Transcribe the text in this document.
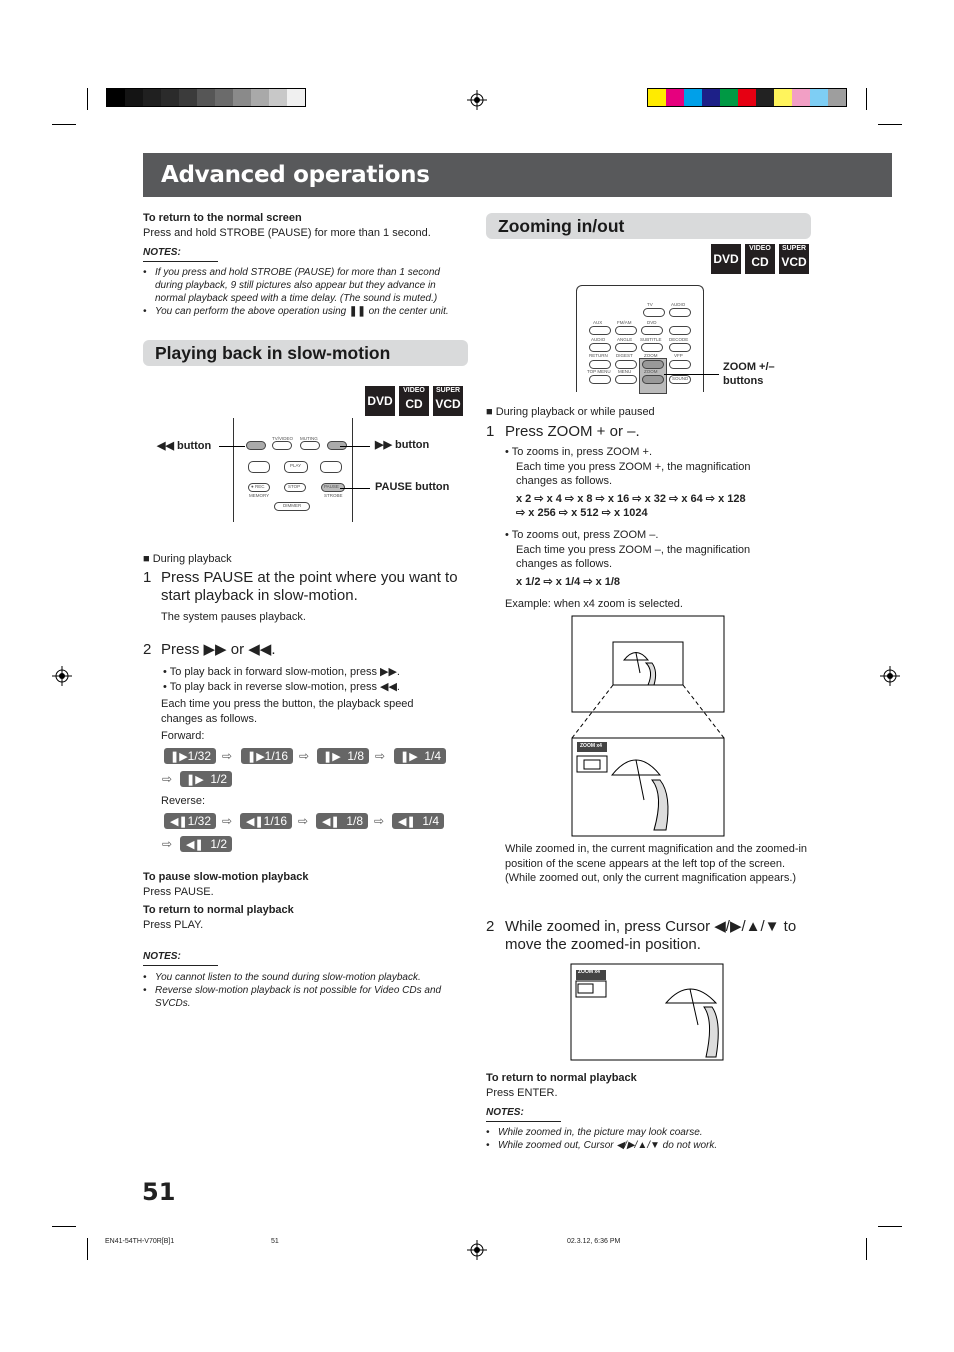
Advanced operations
To return to the normal screen
Press and hold STROBE (PAUSE) for more than 1 second.
NOTES:
• If you press and hold STROBE (PAUSE) for more than 1 second during playback, 9 still pictures also appear but they advance in normal playback speed with a time delay. (The sound is muted.)
• You can perform the above operation using ❚❚ on the center unit.
Playing back in slow-motion
DVD
VIDEO
CD
SUPER
VCD
TV/VIDEO MUTING
PLAY
● REC	STOP	PAUSE
MEMORY	STROBE
DIMMER
◀◀ button	▶▶ button
PAUSE button
■ During playback
1 Press PAUSE at the point where you want to start playback in slow-motion.
The system pauses playback.
2 Press ▶▶ or ◀◀.
• To play back in forward slow-motion, press ▶▶.
• To play back in reverse slow-motion, press ◀◀.
Each time you press the button, the playback speed changes as follows.
Forward:
❚▶ 1/32 ⇨ ❚▶ 1/16 ⇨ ❚▶ 1/8 ⇨ ❚▶ 1/4
⇨ ❚▶ 1/2
Reverse:
◀❚ 1/32 ⇨ ◀❚ 1/16 ⇨ ◀❚ 1/8 ⇨ ◀❚ 1/4
⇨ ◀❚ 1/2
To pause slow-motion playback
Press PAUSE.
To return to normal playback
Press PLAY.
NOTES:
• You cannot listen to the sound during slow-motion playback.
• Reverse slow-motion playback is not possible for Video CDs and SVCDs.
Zooming in/out
DVD
VIDEO
CD
SUPER
VCD
TV	AUDIO
AUX	FM/AM	DVD
AUDIO	ANGLE SUBTITLE DECODE
RETURN DIGEST ZOOM	VFP
TOP MENU MENU	ZOOM
SOUND
ZOOM +/– buttons
■ During playback or while paused
1 Press ZOOM + or –.
• To zooms in, press ZOOM +.
Each time you press ZOOM +, the magnification changes as follows.
x 2 ⇨ x 4 ⇨ x 8 ⇨ x 16 ⇨ x 32 ⇨ x 64 ⇨ x 128
⇨ x 256 ⇨ x 512 ⇨ x 1024
• To zooms out, press ZOOM –.
Each time you press ZOOM –, the magnification changes as follows.
x 1/2 ⇨ x 1/4 ⇨ x 1/8
Example: when x4 zoom is selected.
ZOOM x4
While zoomed in, the current magnification and the zoomed-in position of the scene appears at the left top of the screen. (While zoomed out, only the current magnification appears.)
2 While zoomed in, press Cursor ◀/▶/▲/▼ to move the zoomed-in position.
ZOOM x4
To return to normal playback
Press ENTER.
NOTES:
• While zoomed in, the picture may look coarse.
• While zoomed out, Cursor ◀/▶/▲/▼ do not work.
51
EN41-54TH-V70R[B]1	51	02.3.12, 6:36 PM
